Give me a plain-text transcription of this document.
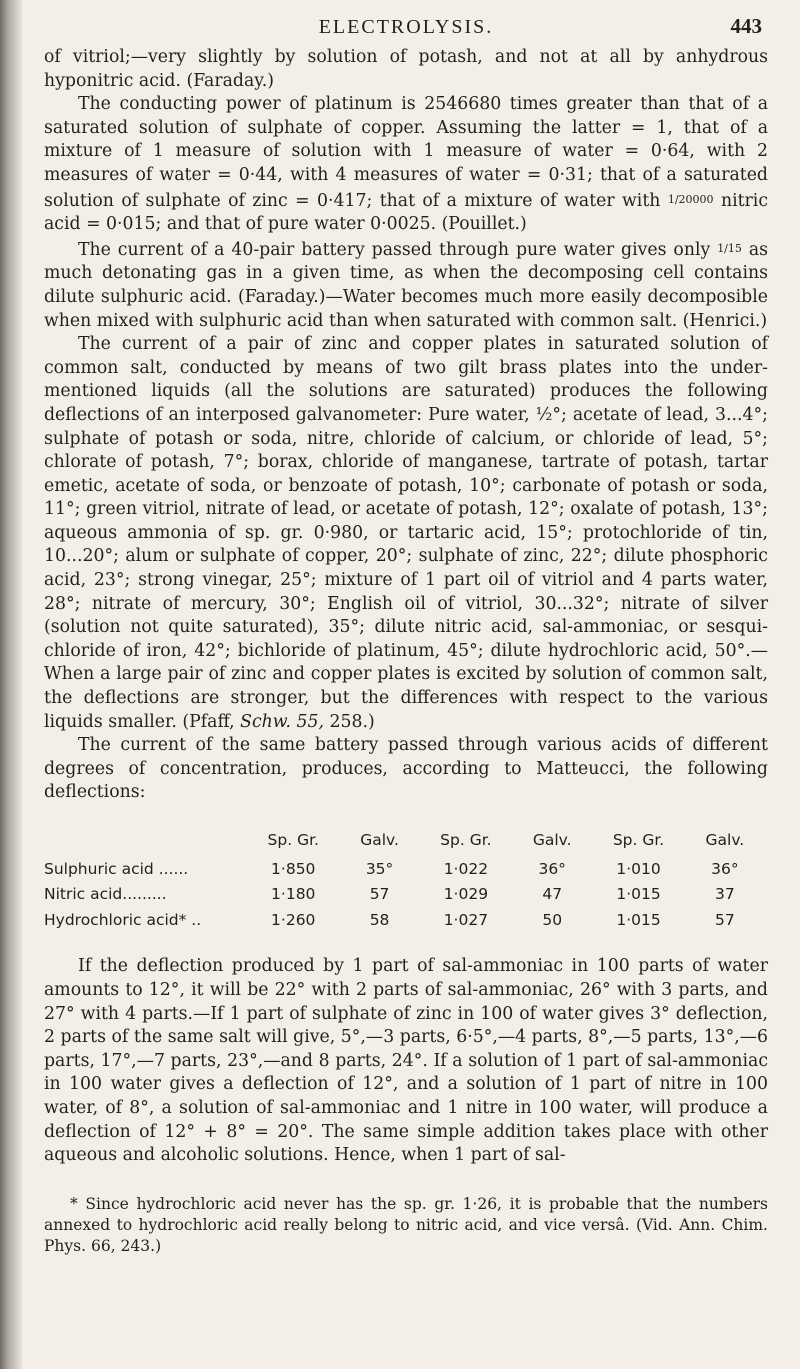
ELECTROLYSIS.	443

of vitriol;—very slightly by solution of potash, and not at all by anhydrous hyponitric acid. (Faraday.)

The conducting power of platinum is 2546680 times greater than that of a saturated solution of sulphate of copper. Assuming the latter = 1, that of a mixture of 1 measure of solution with 1 measure of water = 0·64, with 2 measures of water = 0·44, with 4 measures of water = 0·31; that of a saturated solution of sulphate of zinc = 0·417; that of a mixture of water with 1/20000 nitric acid = 0·015; and that of pure water 0·0025. (Pouillet.)

The current of a 40-pair battery passed through pure water gives only 1/15 as much detonating gas in a given time, as when the decomposing cell contains dilute sulphuric acid. (Faraday.)—Water becomes much more easily decomposible when mixed with sulphuric acid than when saturated with common salt. (Henrici.)

The current of a pair of zinc and copper plates in saturated solution of common salt, conducted by means of two gilt brass plates into the under-mentioned liquids (all the solutions are saturated) produces the following deflections of an interposed galvanometer: Pure water, ½°; acetate of lead, 3...4°; sulphate of potash or soda, nitre, chloride of calcium, or chloride of lead, 5°; chlorate of potash, 7°; borax, chloride of manganese, tartrate of potash, tartar emetic, acetate of soda, or benzoate of potash, 10°; carbonate of potash or soda, 11°; green vitriol, nitrate of lead, or acetate of potash, 12°; oxalate of potash, 13°; aqueous ammonia of sp. gr. 0·980, or tartaric acid, 15°; protochloride of tin, 10...20°; alum or sulphate of copper, 20°; sulphate of zinc, 22°; dilute phosphoric acid, 23°; strong vinegar, 25°; mixture of 1 part oil of vitriol and 4 parts water, 28°; nitrate of mercury, 30°; English oil of vitriol, 30...32°; nitrate of silver (solution not quite saturated), 35°; dilute nitric acid, sal-ammoniac, or sesqui-chloride of iron, 42°; bichloride of platinum, 45°; dilute hydrochloric acid, 50°.—When a large pair of zinc and copper plates is excited by solution of common salt, the deflections are stronger, but the differences with respect to the various liquids smaller. (Pfaff, Schw. 55, 258.)

The current of the same battery passed through various acids of different degrees of concentration, produces, according to Matteucci, the following deflections:

	Sp. Gr.	Galv.	Sp. Gr.	Galv.	Sp. Gr.	Galv.
Sulphuric acid ......	1·850	35°	1·022	36°	1·010	36°
Nitric acid.........	1·180	57	1·029	47	1·015	37
Hydrochloric acid* ..	1·260	58	1·027	50	1·015	57

If the deflection produced by 1 part of sal-ammoniac in 100 parts of water amounts to 12°, it will be 22° with 2 parts of sal-ammoniac, 26° with 3 parts, and 27° with 4 parts.—If 1 part of sulphate of zinc in 100 of water gives 3° deflection, 2 parts of the same salt will give, 5°,—3 parts, 6·5°,—4 parts, 8°,—5 parts, 13°,—6 parts, 17°,—7 parts, 23°,—and 8 parts, 24°. If a solution of 1 part of sal-ammoniac in 100 water gives a deflection of 12°, and a solution of 1 part of nitre in 100 water, of 8°, a solution of sal-ammoniac and 1 nitre in 100 water, will produce a deflection of 12° + 8° = 20°. The same simple addition takes place with other aqueous and alcoholic solutions. Hence, when 1 part of sal-

* Since hydrochloric acid never has the sp. gr. 1·26, it is probable that the numbers annexed to hydrochloric acid really belong to nitric acid, and vice versâ. (Vid. Ann. Chim. Phys. 66, 243.)
